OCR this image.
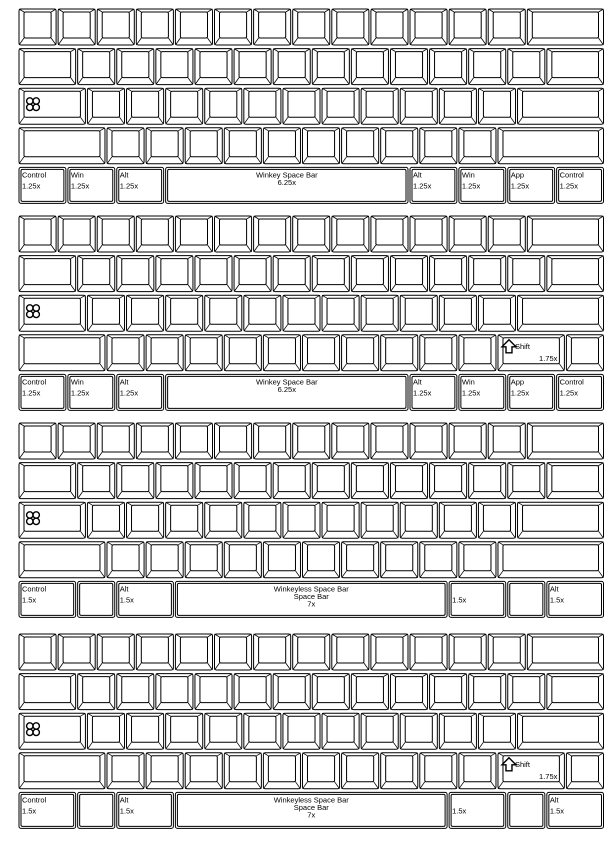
Control
1.25x
Win
1.25x
Alt
1.25x
Winkey Space Bar
6.25x
Alt
1.25x
Win
1.25x
App
1.25x
Control
1.25x
Shift
1.75x
Control
1.25x
Win
1.25x
Alt
1.25x
Winkey Space Bar
6.25x
Alt
1.25x
Win
1.25x
App
1.25x
Control
1.25x
Control
1.5x
Alt
1.5x
Winkeyless Space Bar
Space Bar
7x	1.5x
Alt
1.5x
Shift
1.75x
Control
1.5x
Alt
1.5x
Winkeyless Space Bar
Space Bar
7x	1.5x
Alt
1.5x
